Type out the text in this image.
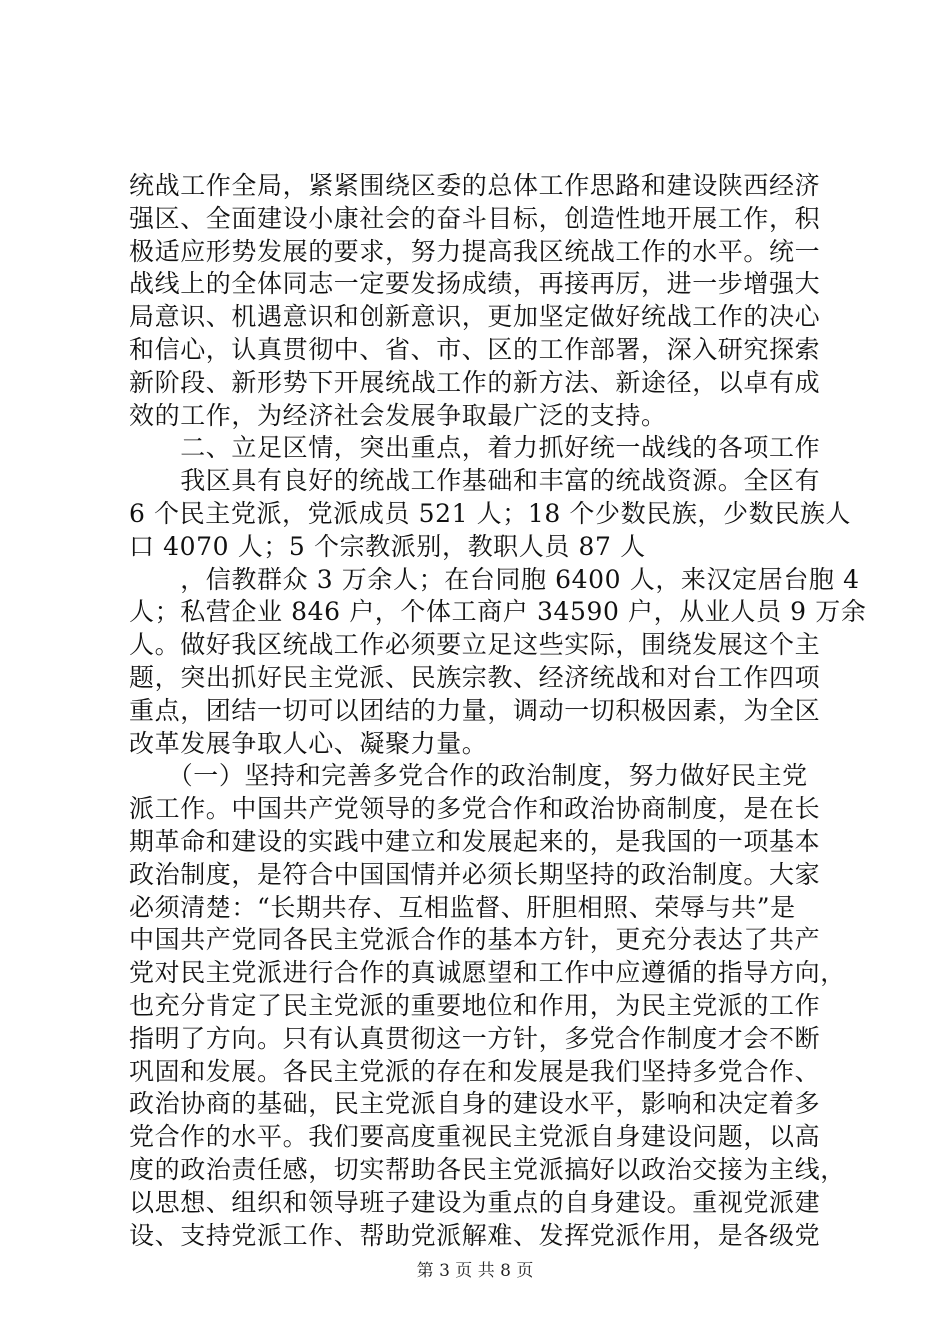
统战工作全局，紧紧围绕区委的总体工作思路和建设陕西经济
强区、全面建设小康社会的奋斗目标，创造性地开展工作，积
极适应形势发展的要求，努力提高我区统战工作的水平。统一
战线上的全体同志一定要发扬成绩，再接再厉，进一步增强大
局意识、机遇意识和创新意识，更加坚定做好统战工作的决心
和信心，认真贯彻中、省、市、区的工作部署，深入研究探索
新阶段、新形势下开展统战工作的新方法、新途径，以卓有成
效的工作，为经济社会发展争取最广泛的支持。
　　二、立足区情，突出重点，着力抓好统一战线的各项工作
　　我区具有良好的统战工作基础和丰富的统战资源。全区有
6 个民主党派，党派成员 521 人；18 个少数民族，少数民族人
口 4070 人；5 个宗教派别，教职人员 87 人
　　，信教群众 3 万余人；在台同胞 6400 人，来汉定居台胞 4
人；私营企业 846 户，个体工商户 34590 户，从业人员 9 万余
人。做好我区统战工作必须要立足这些实际，围绕发展这个主
题，突出抓好民主党派、民族宗教、经济统战和对台工作四项
重点，团结一切可以团结的力量，调动一切积极因素，为全区
改革发展争取人心、凝聚力量。
　　（一）坚持和完善多党合作的政治制度，努力做好民主党
派工作。中国共产党领导的多党合作和政治协商制度，是在长
期革命和建设的实践中建立和发展起来的，是我国的一项基本
政治制度，是符合中国国情并必须长期坚持的政治制度。大家
必须清楚：“长期共存、互相监督、肝胆相照、荣辱与共”是
中国共产党同各民主党派合作的基本方针，更充分表达了共产
党对民主党派进行合作的真诚愿望和工作中应遵循的指导方向，
也充分肯定了民主党派的重要地位和作用，为民主党派的工作
指明了方向。只有认真贯彻这一方针，多党合作制度才会不断
巩固和发展。各民主党派的存在和发展是我们坚持多党合作、
政治协商的基础，民主党派自身的建设水平，影响和决定着多
党合作的水平。我们要高度重视民主党派自身建设问题，以高
度的政治责任感，切实帮助各民主党派搞好以政治交接为主线，
以思想、组织和领导班子建设为重点的自身建设。重视党派建
设、支持党派工作、帮助党派解难、发挥党派作用，是各级党
第 3 页 共 8 页
